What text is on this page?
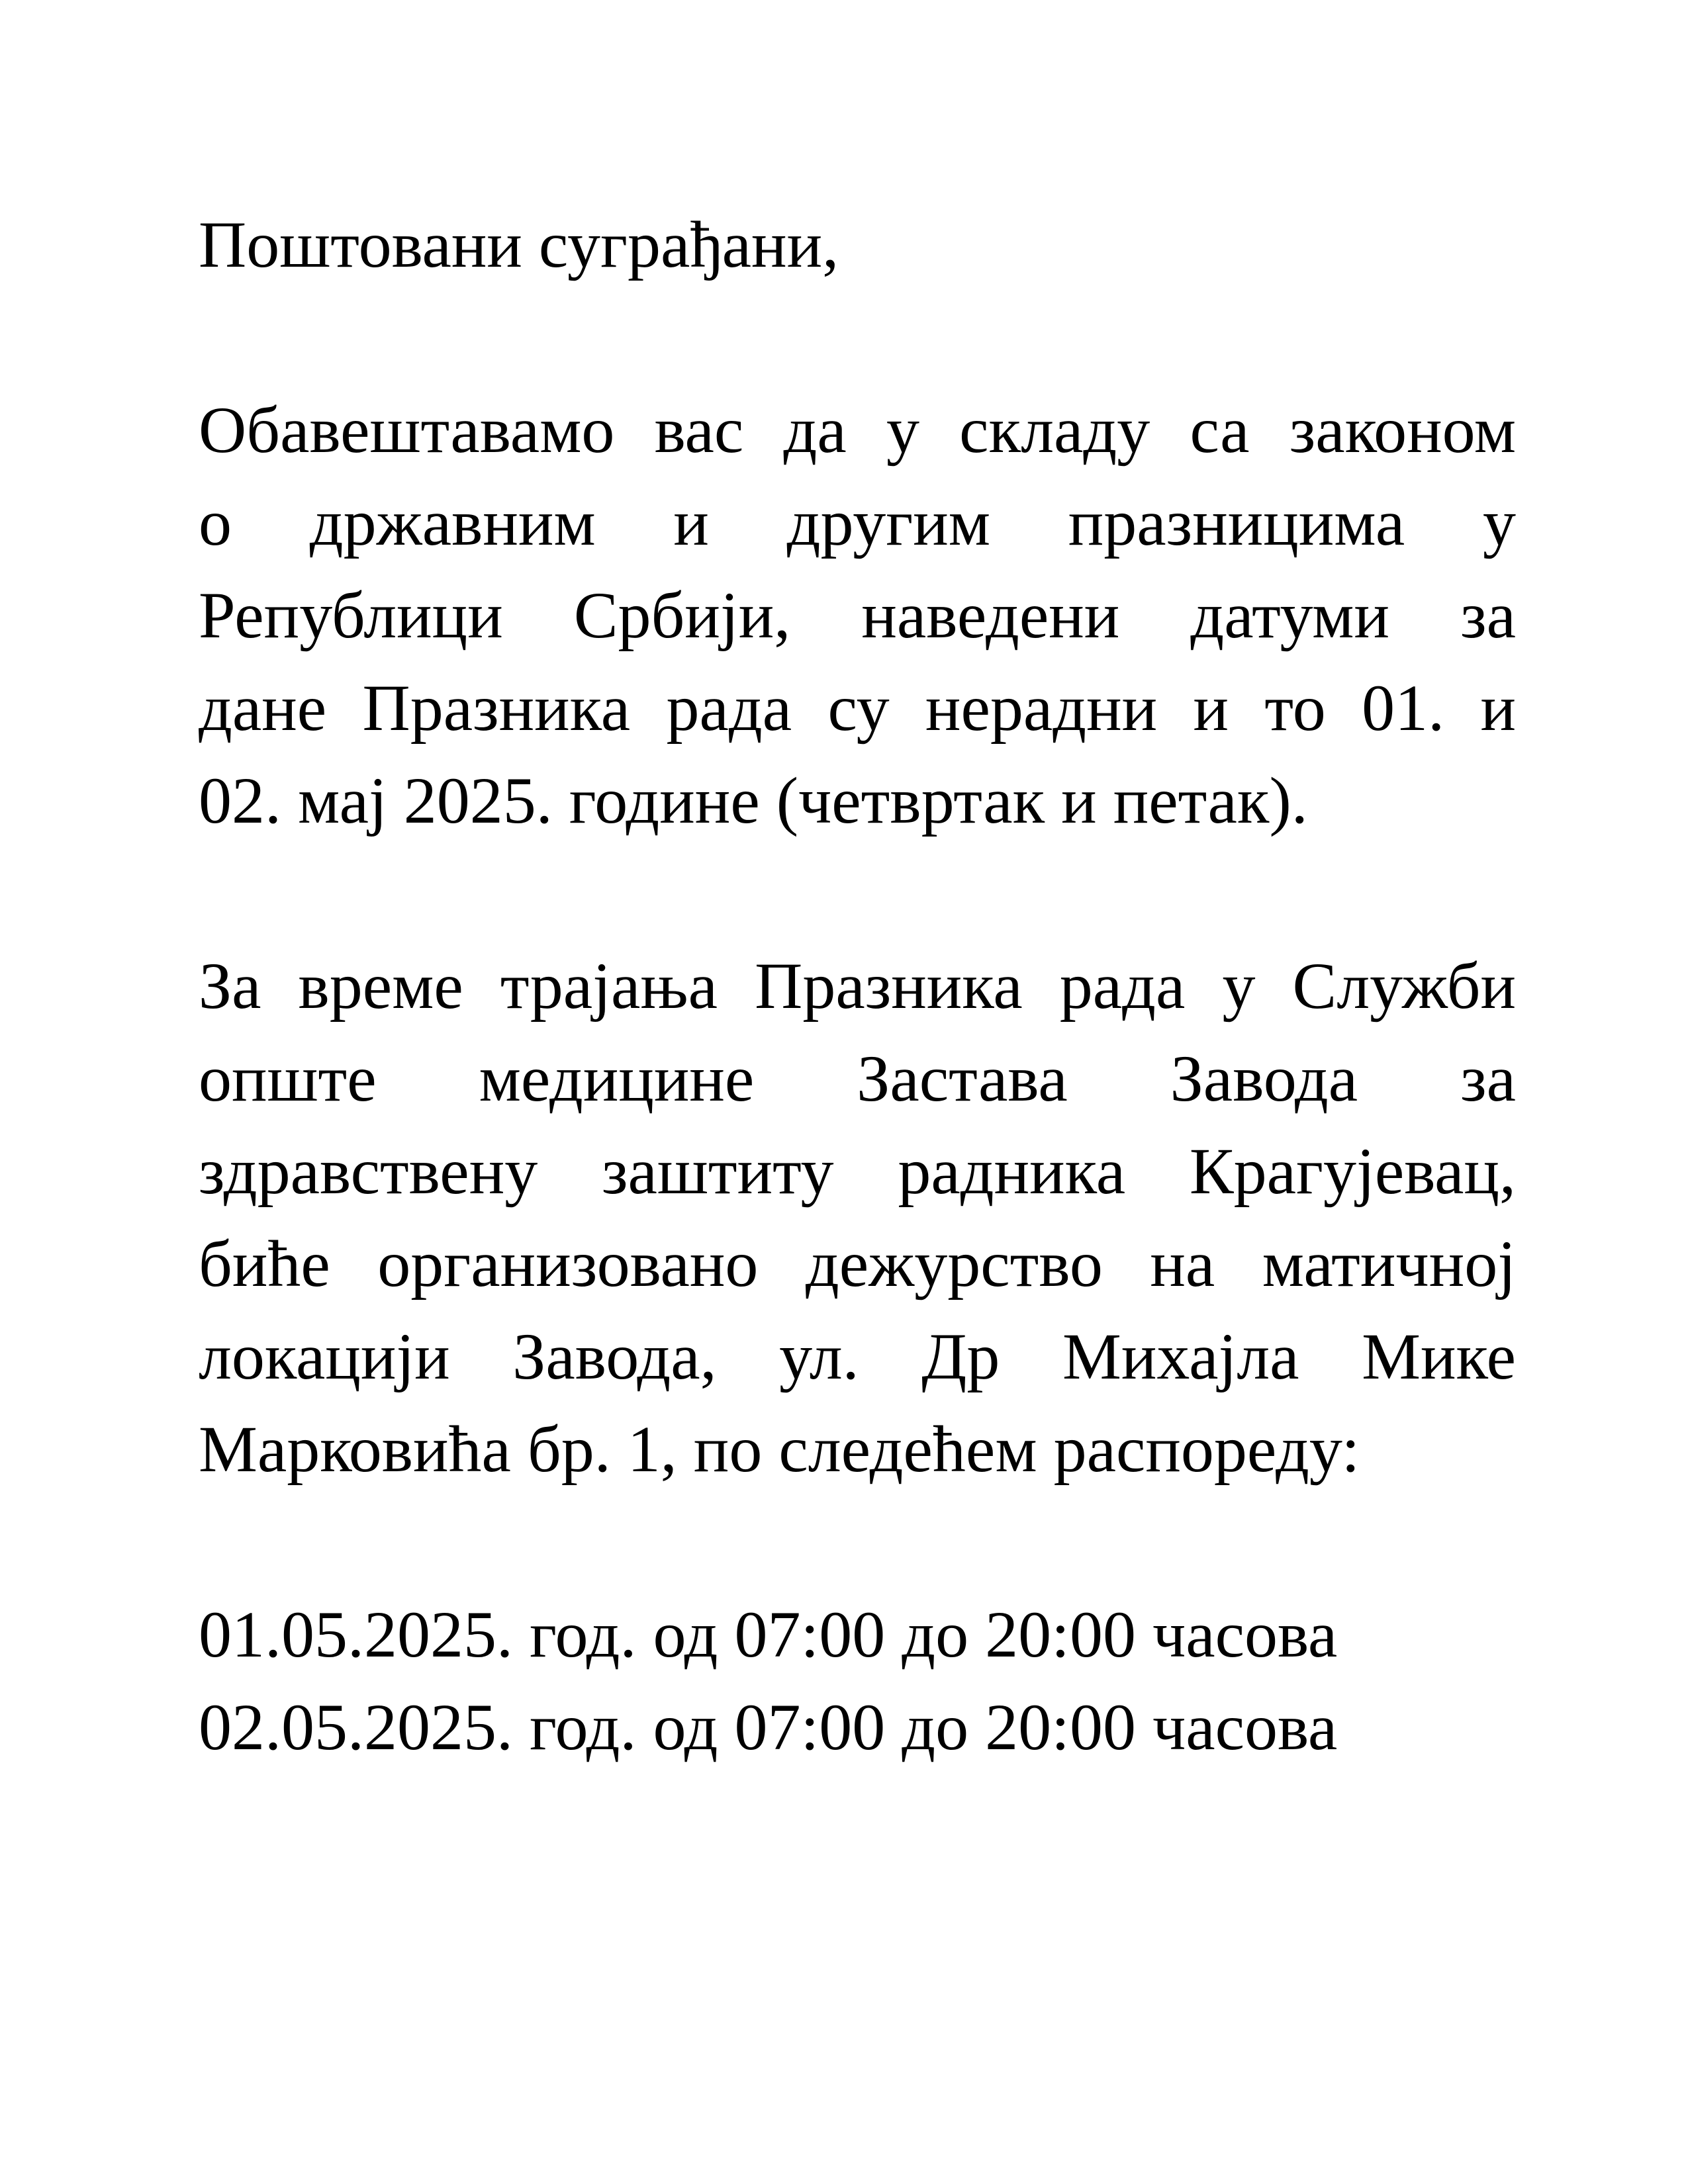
Поштовани суграђани,
Обавештавамо вас да у складу са законом
о државним и другим празницима у
Републици Србији, наведени датуми за
дане Празника рада су нерадни и то 01. и
02. мај 2025. године (четвртак и петак).
За време трајања Празника рада у Служби
опште медицине Застава Завода за
здравствену заштиту радника Крагујевац,
биће организовано дежурство на матичној
локацији Завода, ул. Др Михајла Мике
Марковића бр. 1, по следећем распореду:
01.05.2025. год. од 07:00 до 20:00 часова
02.05.2025. год. од 07:00 до 20:00 часова
